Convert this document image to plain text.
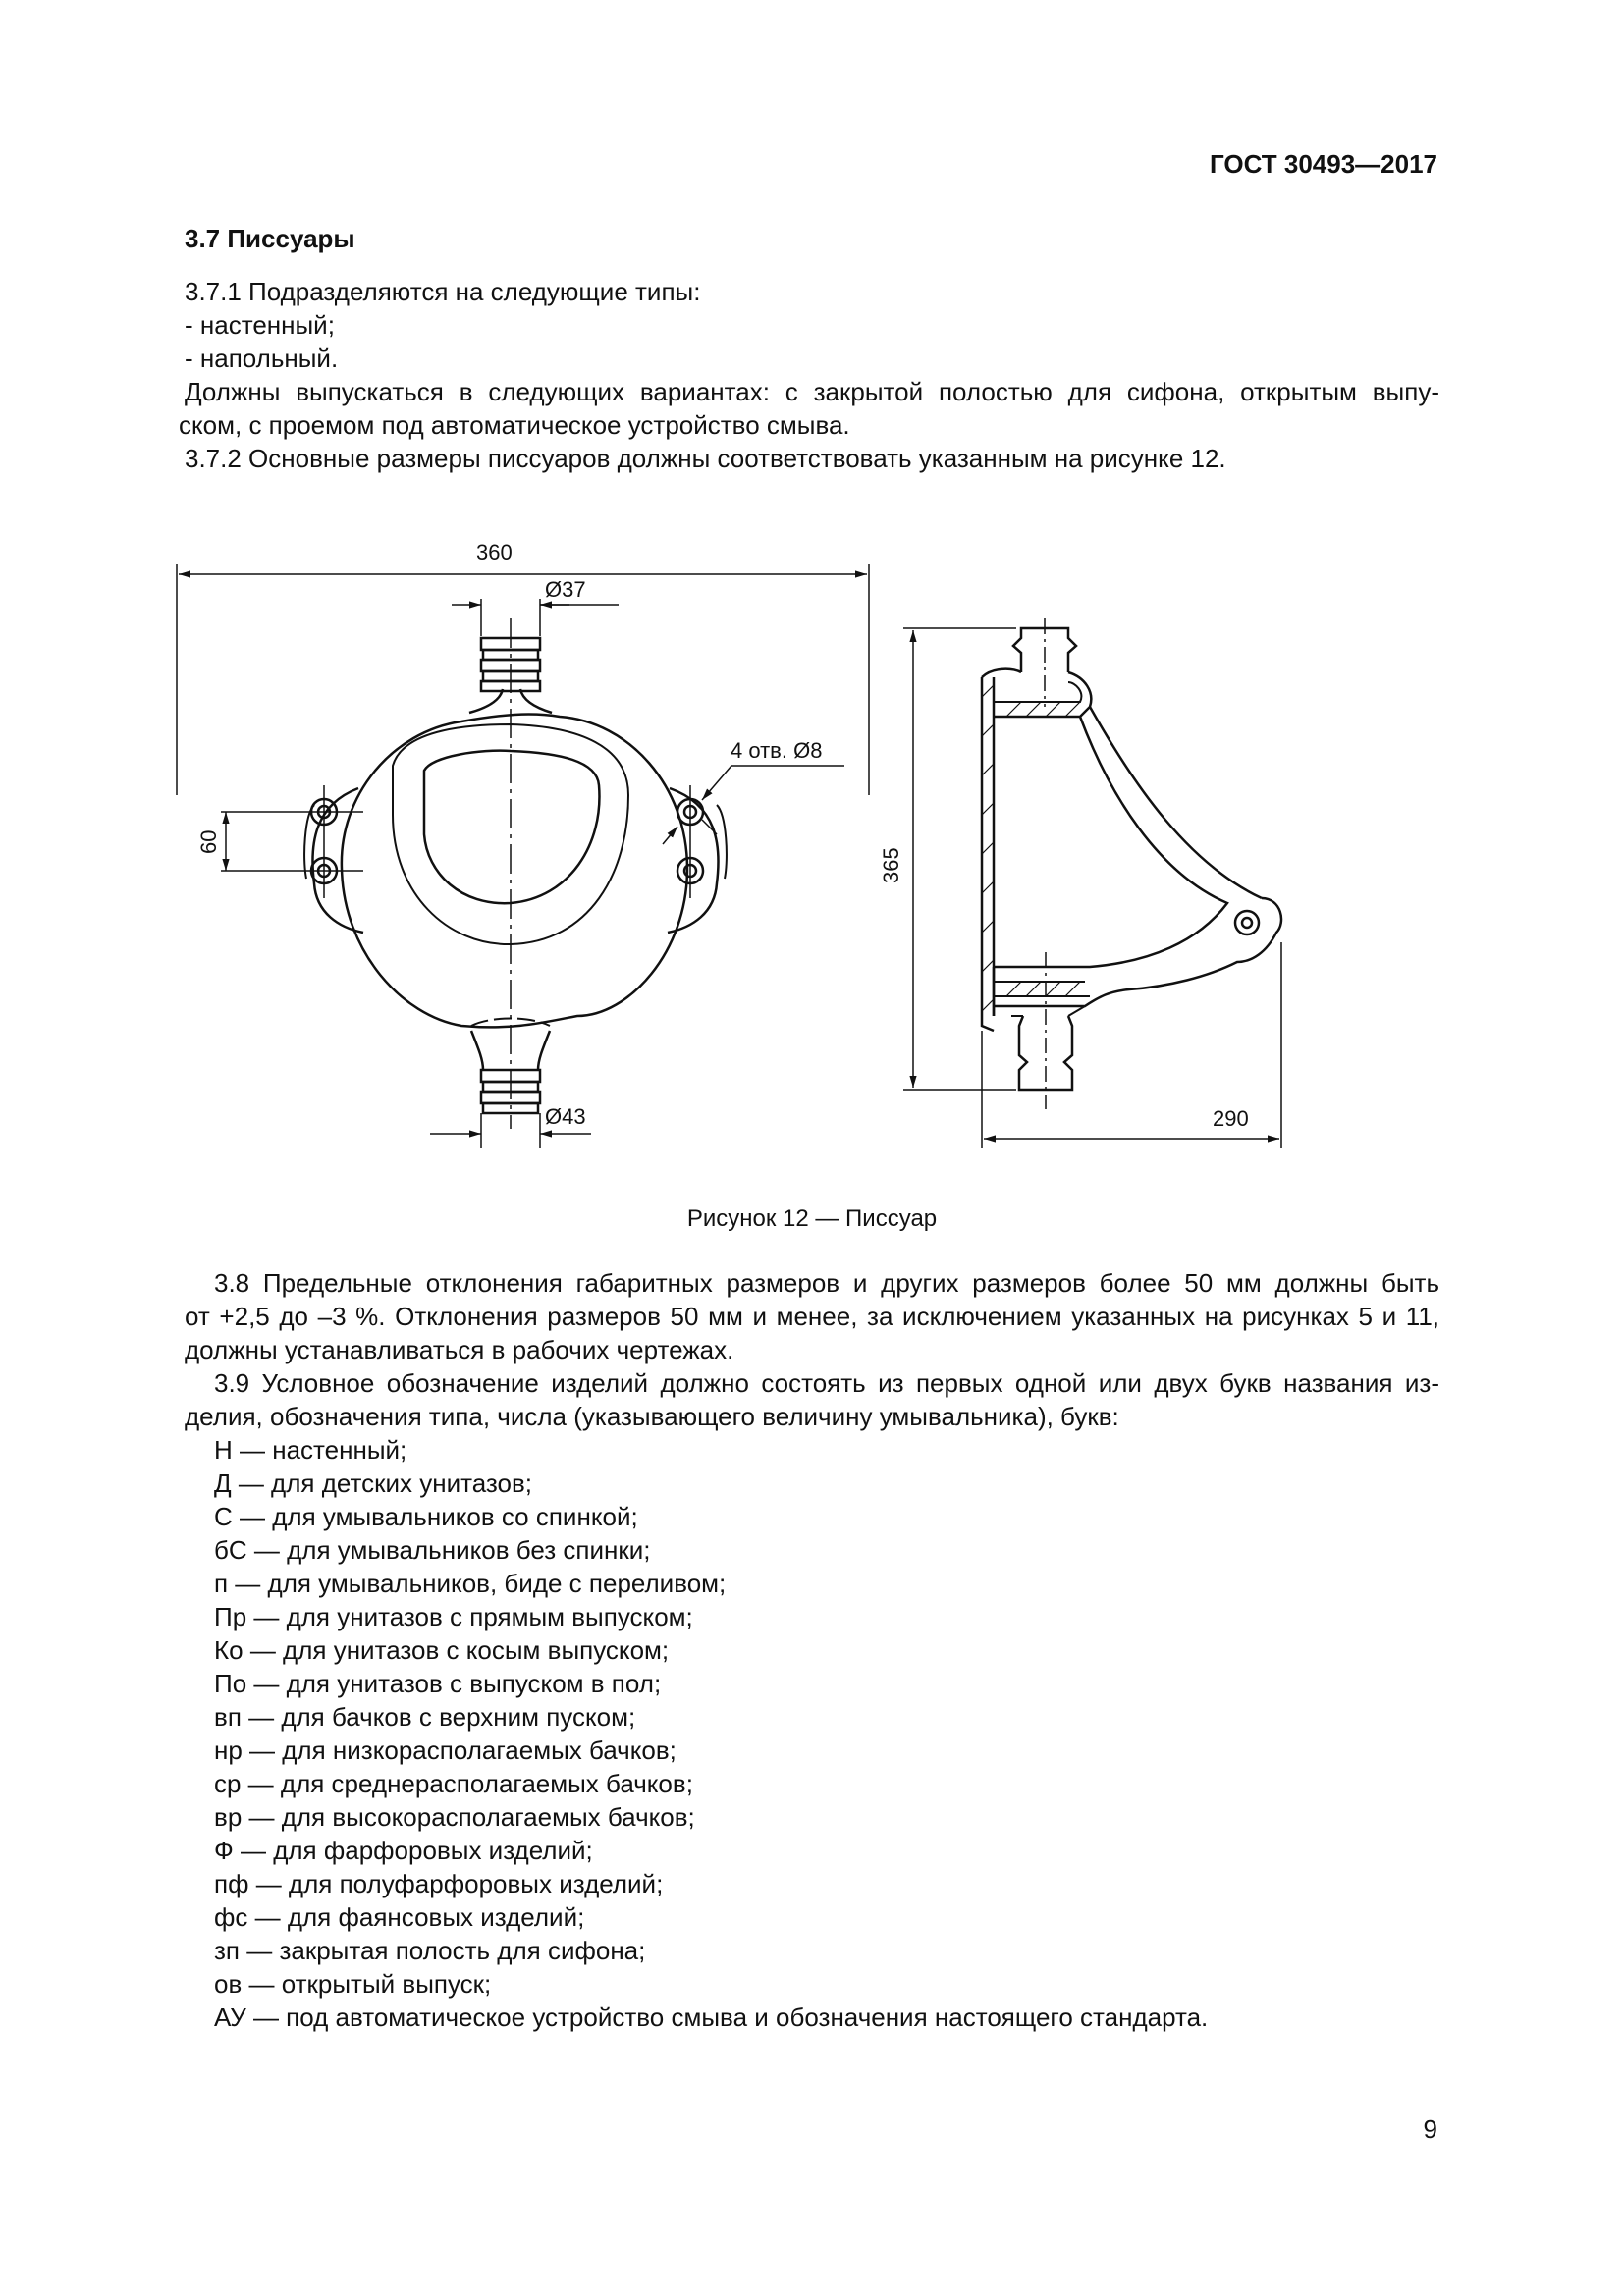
ГОСТ 30493—2017
3.7 Писсуары
3.7.1 Подразделяются на следующие типы:
- настенный;
- напольный.
Должны выпускаться в следующих вариантах: с закрытой полостью для сифона, открытым выпу-
ском, с проемом под автоматическое устройство смыва.
3.7.2 Основные размеры писсуаров должны соответствовать указанным на рисунке 12.
360
Ø37
Ø43
4 отв. Ø8
60
365
290
Рисунок 12 — Писсуар
3.8 Предельные отклонения габаритных размеров и других размеров более 50 мм должны быть
от +2,5 до –3 %. Отклонения размеров 50 мм и менее, за исключением указанных на рисунках 5 и 11,
должны устанавливаться в рабочих чертежах.
3.9 Условное обозначение изделий должно состоять из первых одной или двух букв названия из-
делия, обозначения типа, числа (указывающего величину умывальника), букв:
Н — настенный;
Д — для детских унитазов;
С — для умывальников со спинкой;
бС — для умывальников без спинки;
п — для умывальников, биде с переливом;
Пр — для унитазов с прямым выпуском;
Ко — для унитазов с косым выпуском;
По — для унитазов с выпуском в пол;
вп — для бачков с верхним пуском;
нр — для низкорасполагаемых бачков;
ср — для среднерасполагаемых бачков;
вр — для высокорасполагаемых бачков;
Ф — для фарфоровых изделий;
пф — для полуфарфоровых изделий;
фс — для фаянсовых изделий;
зп — закрытая полость для сифона;
ов — открытый выпуск;
АУ — под автоматическое устройство смыва и обозначения настоящего стандарта.
9
